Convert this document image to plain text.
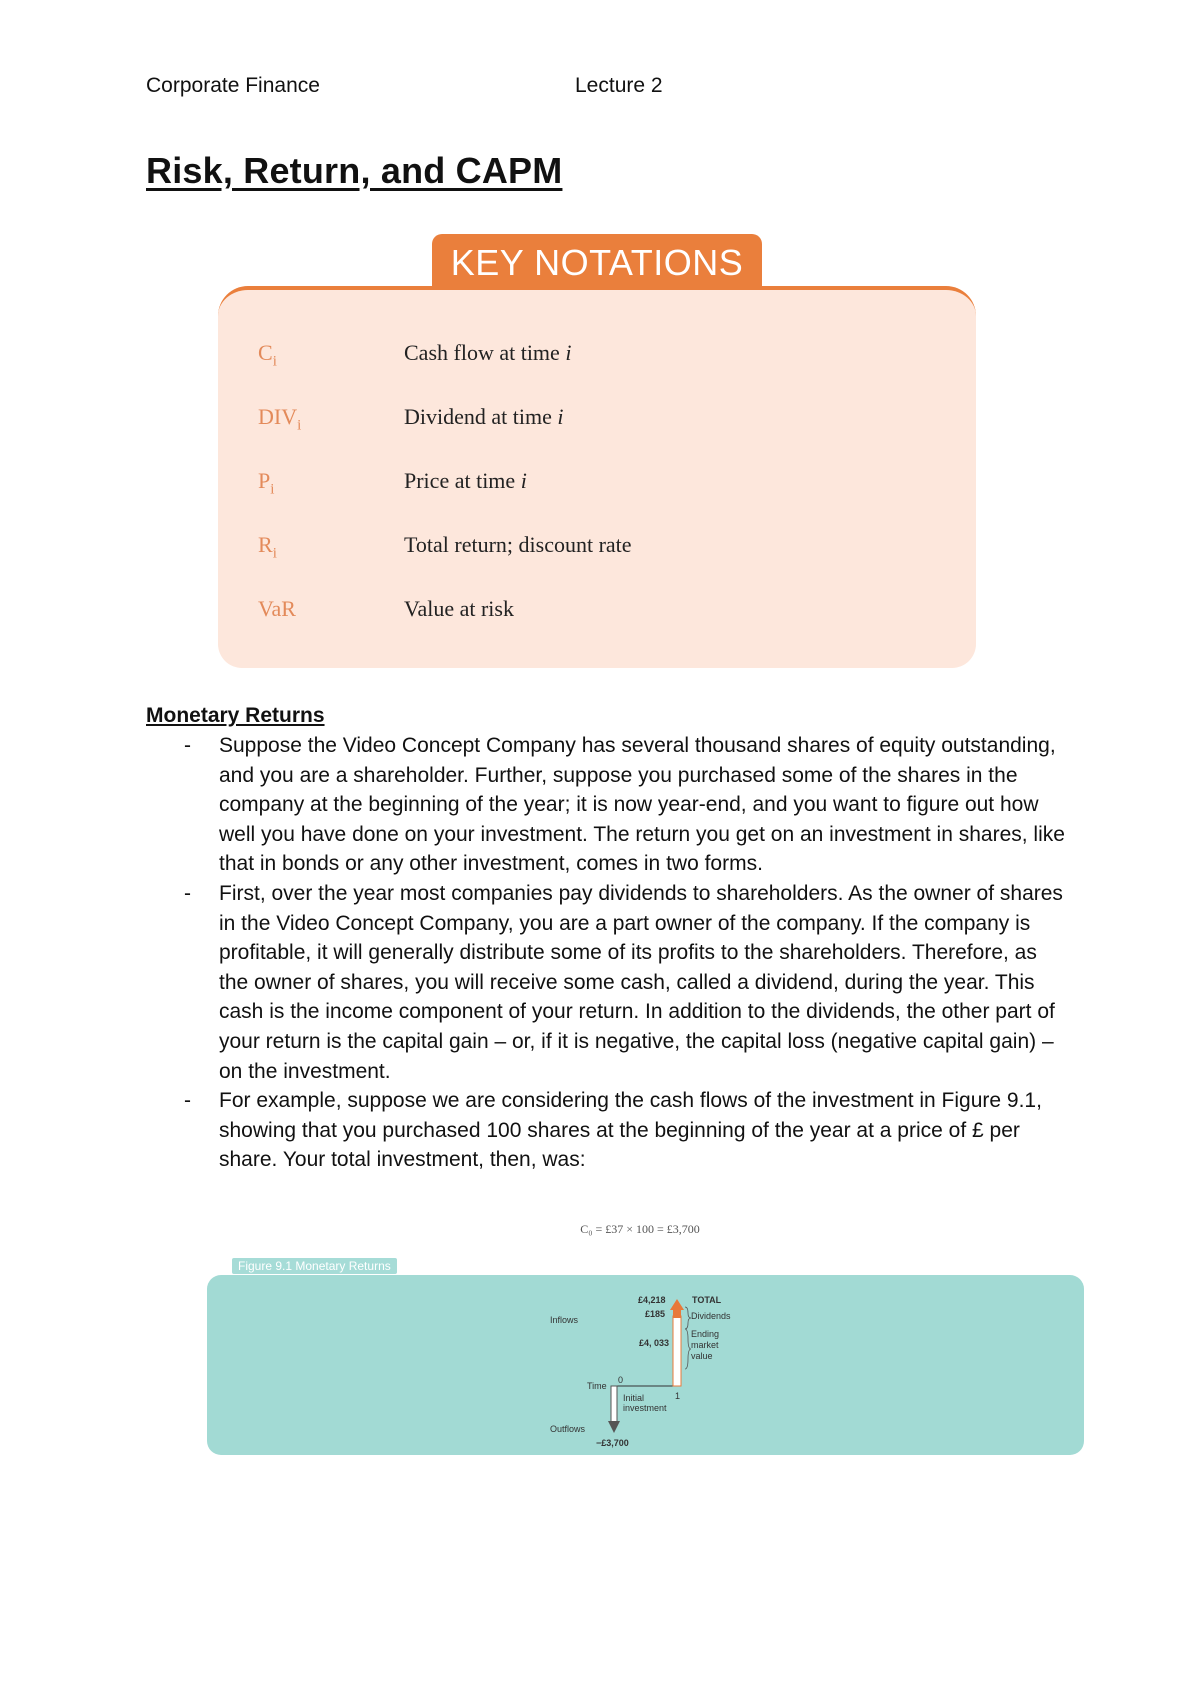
Corporate Finance	Lecture 2
Risk, Return, and CAPM
KEY NOTATIONS
$C_i$	Cash flow at time i
$DIV_i$	Dividend at time i
$P_i$	Price at time i
$R_i$	Total return; discount rate
VaR	Value at risk
Monetary Returns
- Suppose the Video Concept Company has several thousand shares of equity outstanding, and you are a shareholder. Further, suppose you purchased some of the shares in the company at the beginning of the year; it is now year-end, and you want to figure out how well you have done on your investment. The return you get on an investment in shares, like that in bonds or any other investment, comes in two forms.
- First, over the year most companies pay dividends to shareholders. As the owner of shares in the Video Concept Company, you are a part owner of the company. If the company is profitable, it will generally distribute some of its profits to the shareholders. Therefore, as the owner of shares, you will receive some cash, called a dividend, during the year. This cash is the income component of your return. In addition to the dividends, the other part of your return is the capital gain – or, if it is negative, the capital loss (negative capital gain) – on the investment.
- For example, suppose we are considering the cash flows of the investment in Figure 9.1, showing that you purchased 100 shares at the beginning of the year at a price of £ per share. Your total investment, then, was:
C₀ = £37 × 100 = £3,700
Figure 9.1 Monetary Returns
Inflows
Outflows
Time
0
1
£4,218	TOTAL
£185	Dividends
£4, 033
Ending
market
value
Initial
investment
−£3,700
